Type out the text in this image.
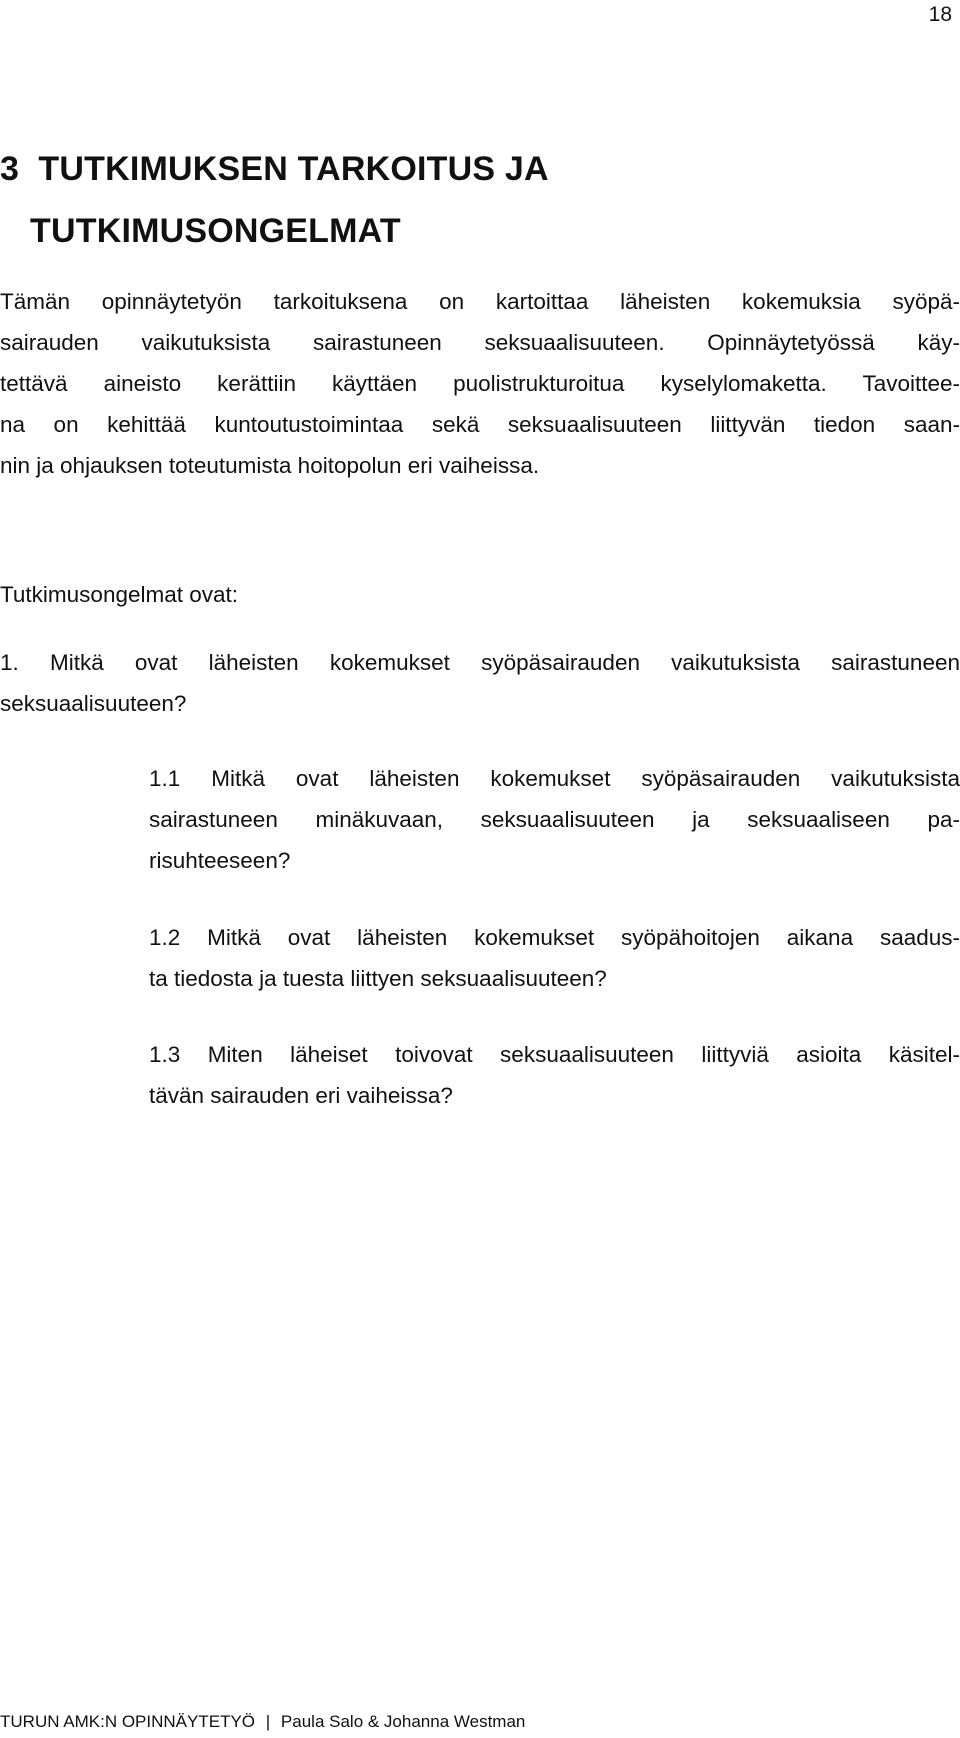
18
3  TUTKIMUKSEN TARKOITUS JA
TUTKIMUSONGELMAT

Tämän opinnäytetyön tarkoituksena on kartoittaa läheisten kokemuksia syöpä-
sairauden vaikutuksista sairastuneen seksuaalisuuteen. Opinnäytetyössä käy-
tettävä aineisto kerättiin käyttäen puolistrukturoitua kyselylomaketta. Tavoittee-
na on kehittää kuntoutustoimintaa sekä seksuaalisuuteen liittyvän tiedon saan-
nin ja ohjauksen toteutumista hoitopolun eri vaiheissa.

Tutkimusongelmat ovat:

1. Mitkä ovat läheisten kokemukset syöpäsairauden vaikutuksista sairastuneen
seksuaalisuuteen?

1.1 Mitkä ovat läheisten kokemukset syöpäsairauden vaikutuksista
sairastuneen minäkuvaan, seksuaalisuuteen ja seksuaaliseen pa-
risuhteeseen?

1.2 Mitkä ovat läheisten kokemukset syöpähoitojen aikana saadus-
ta tiedosta ja tuesta liittyen seksuaalisuuteen?

1.3 Miten läheiset toivovat seksuaalisuuteen liittyviä asioita käsitel-
tävän sairauden eri vaiheissa?

TURUN AMK:N OPINNÄYTETYÖ | Paula Salo & Johanna Westman
